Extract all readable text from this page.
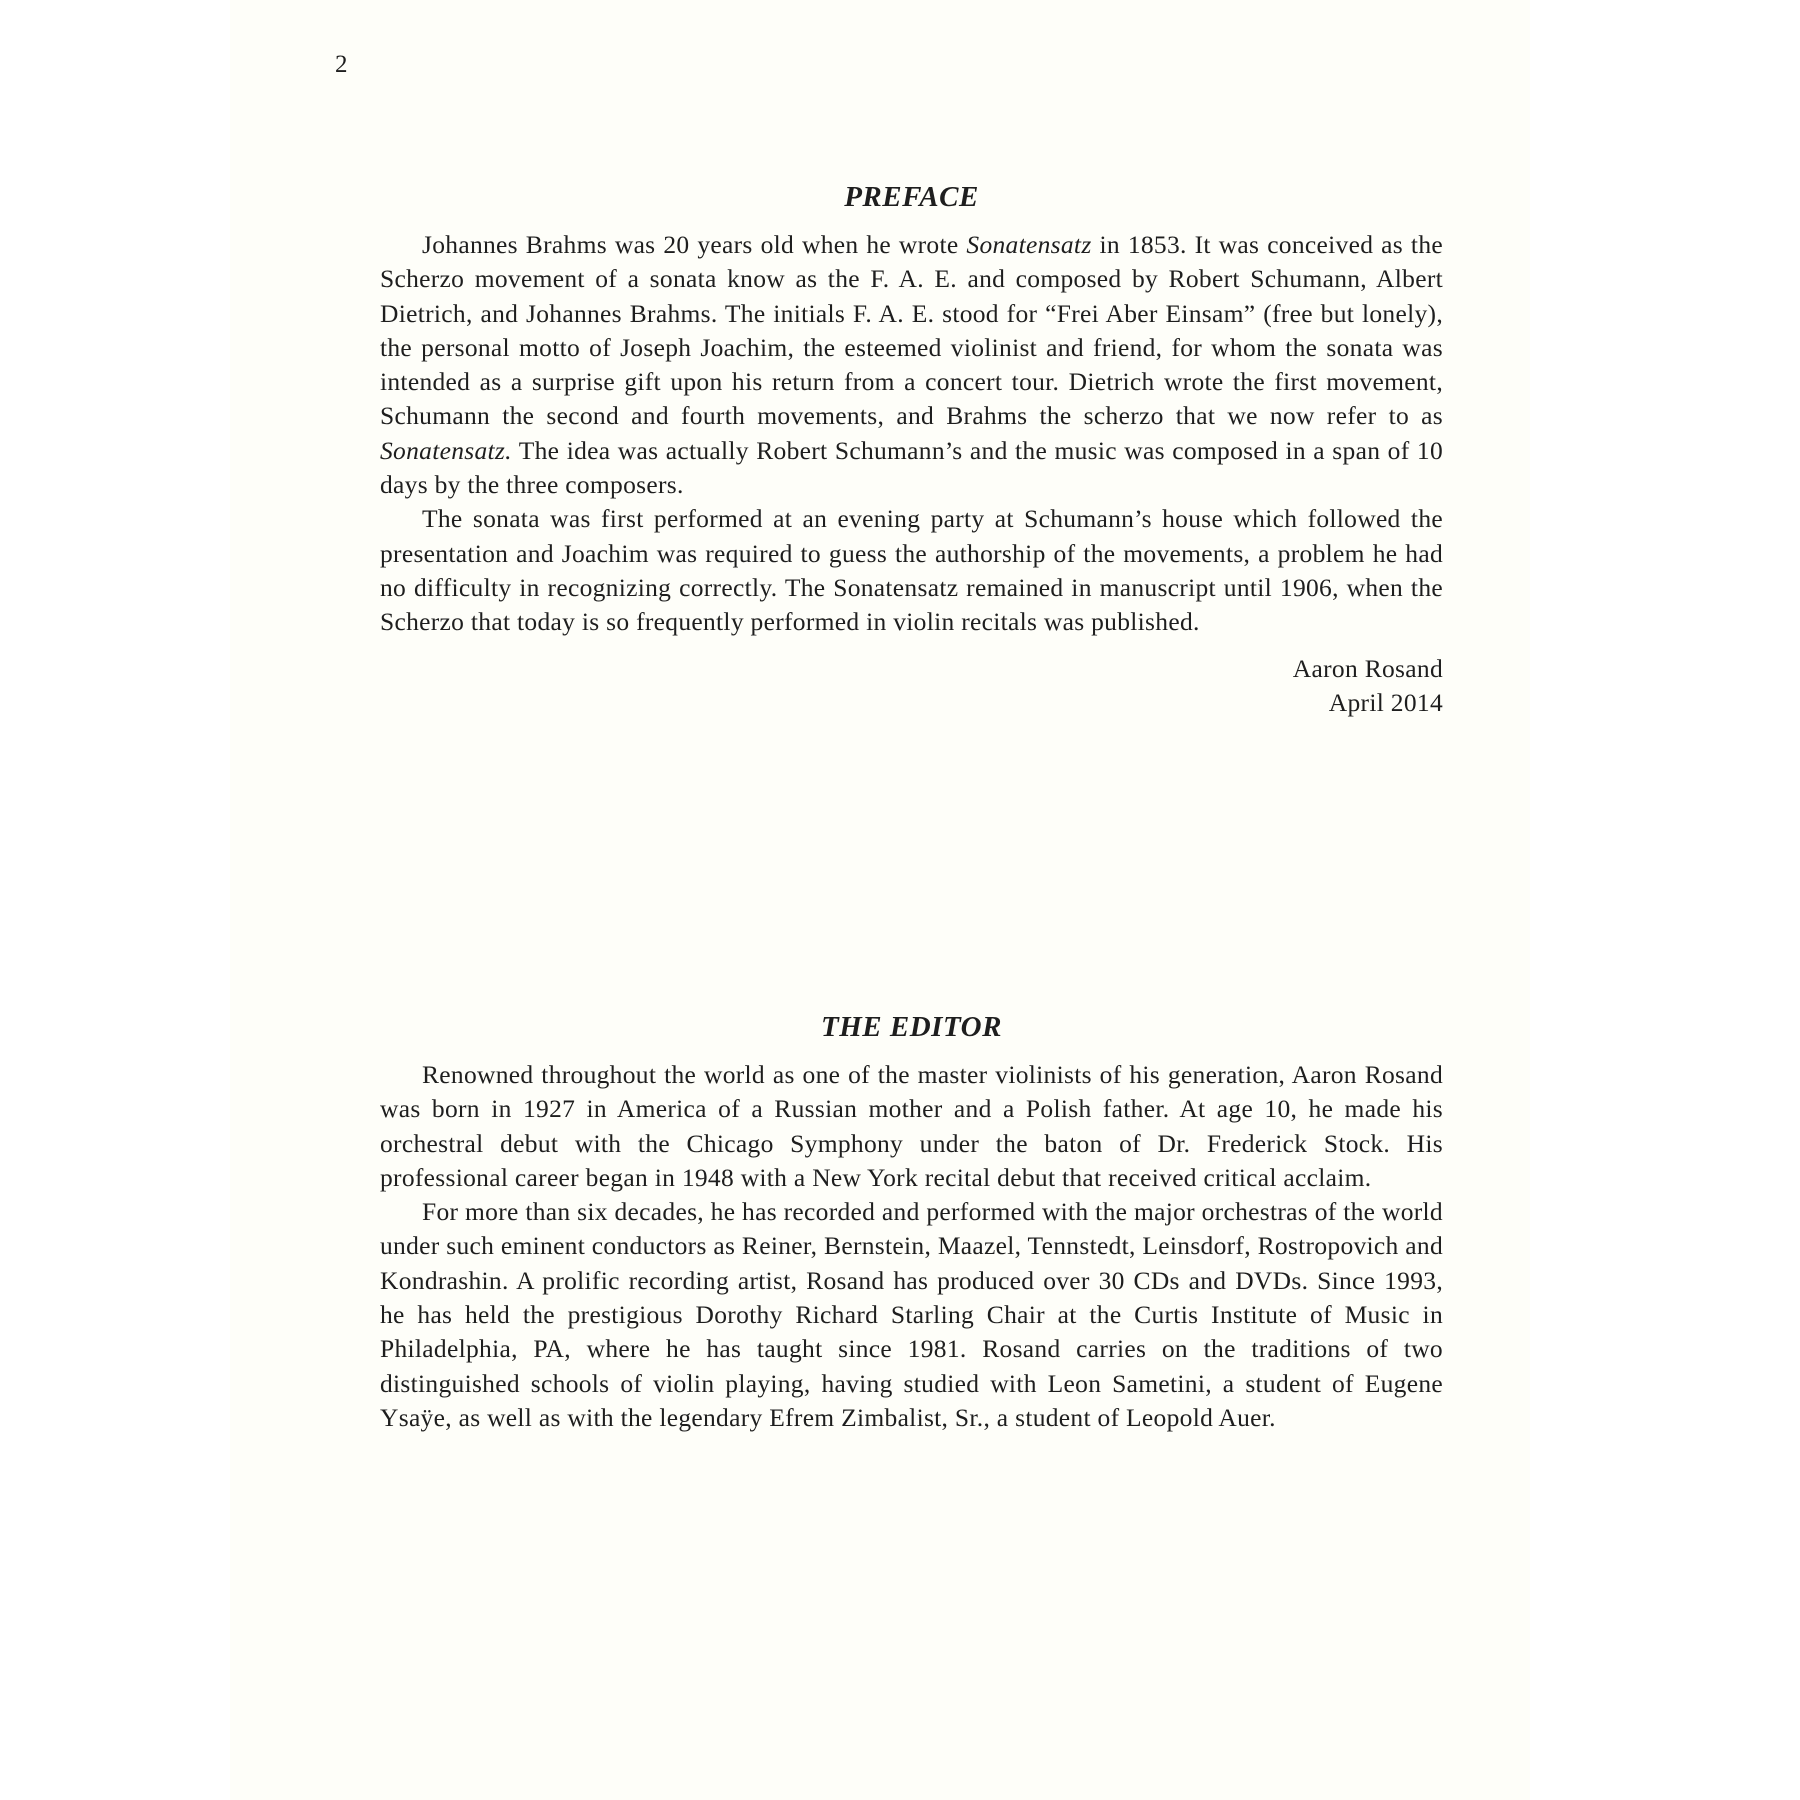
2
PREFACE

Johannes Brahms was 20 years old when he wrote Sonatensatz in 1853. It was conceived as the Scherzo movement of a sonata know as the F. A. E. and composed by Robert Schumann, Albert Dietrich, and Johannes Brahms. The initials F. A. E. stood for “Frei Aber Einsam” (free but lonely), the personal motto of Joseph Joachim, the esteemed violinist and friend, for whom the sonata was intended as a surprise gift upon his return from a concert tour. Dietrich wrote the first movement, Schumann the second and fourth movements, and Brahms the scherzo that we now refer to as Sonatensatz. The idea was actually Robert Schumann’s and the music was composed in a span of 10 days by the three composers.

The sonata was first performed at an evening party at Schumann’s house which followed the presentation and Joachim was required to guess the authorship of the movements, a problem he had no difficulty in recognizing correctly. The Sonatensatz remained in manuscript until 1906, when the Scherzo that today is so frequently performed in violin recitals was published.

Aaron Rosand
April 2014
THE EDITOR

Renowned throughout the world as one of the master violinists of his generation, Aaron Rosand was born in 1927 in America of a Russian mother and a Polish father. At age 10, he made his orchestral debut with the Chicago Symphony under the baton of Dr. Frederick Stock. His professional career began in 1948 with a New York recital debut that received critical acclaim.

For more than six decades, he has recorded and performed with the major orchestras of the world under such eminent conductors as Reiner, Bernstein, Maazel, Tennstedt, Leinsdorf, Rostropovich and Kondrashin. A prolific recording artist, Rosand has produced over 30 CDs and DVDs. Since 1993, he has held the prestigious Dorothy Richard Starling Chair at the Curtis Institute of Music in Philadelphia, PA, where he has taught since 1981. Rosand carries on the traditions of two distinguished schools of violin playing, having studied with Leon Sametini, a student of Eugene Ysaÿe, as well as with the legendary Efrem Zimbalist, Sr., a student of Leopold Auer.
